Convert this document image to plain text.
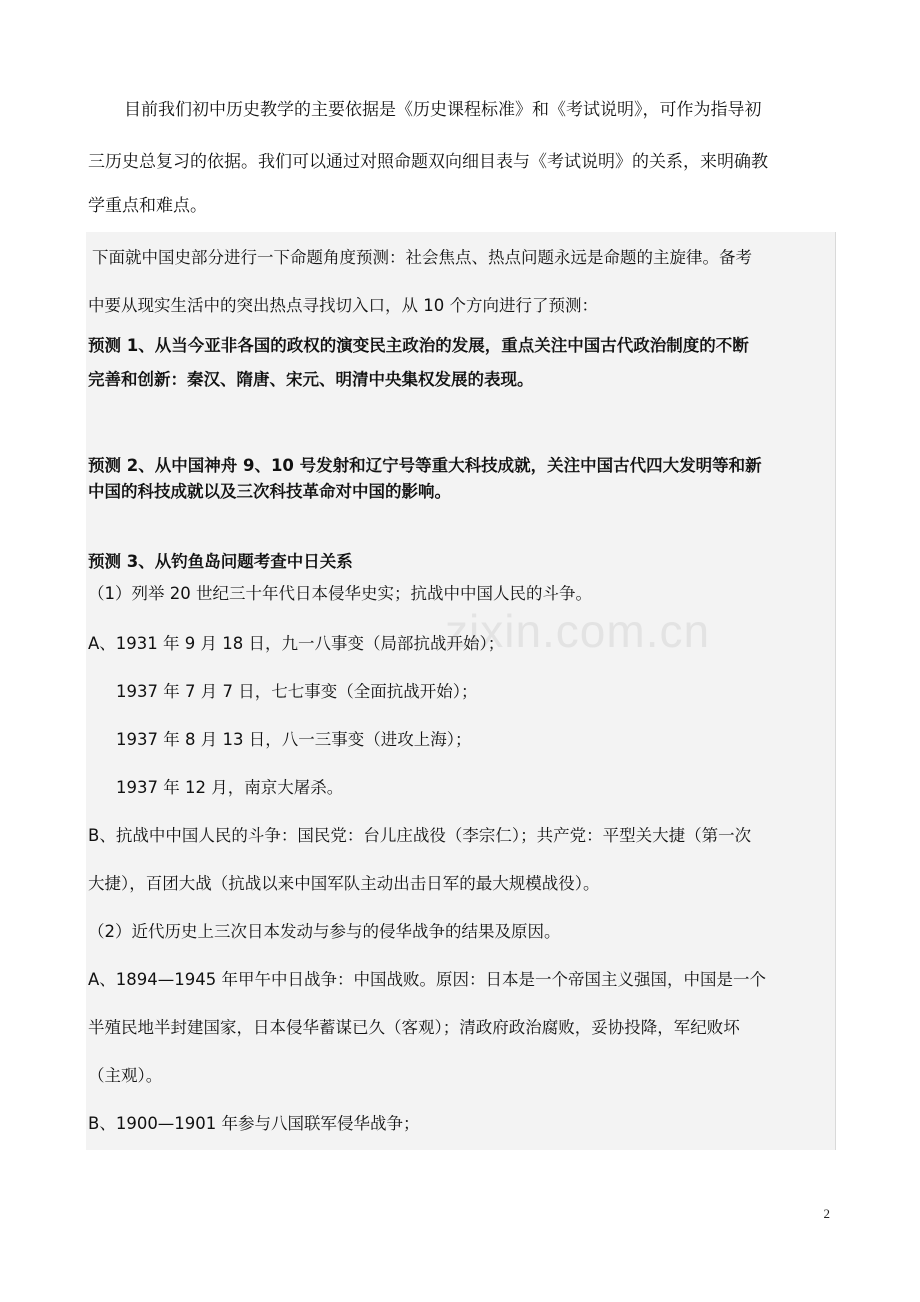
目前我们初中历史教学的主要依据是《历史课程标准》和《考试说明》，可作为指导初
三历史总复习的依据。我们可以通过对照命题双向细目表与《考试说明》的关系，来明确教
学重点和难点。
下面就中国史部分进行一下命题角度预测：社会焦点、热点问题永远是命题的主旋律。备考
中要从现实生活中的突出热点寻找切入口，从 10 个方向进行了预测：
预测 1、从当今亚非各国的政权的演变民主政治的发展，重点关注中国古代政治制度的不断
完善和创新：秦汉、隋唐、宋元、明清中央集权发展的表现。
预测 2、从中国神舟 9、10 号发射和辽宁号等重大科技成就，关注中国古代四大发明等和新
中国的科技成就以及三次科技革命对中国的影响。
预测 3、从钓鱼岛问题考查中日关系
（1）列举 20 世纪三十年代日本侵华史实；抗战中中国人民的斗争。
zixin.com.cn
A、1931 年 9 月 18 日，九一八事变（局部抗战开始）；
1937 年 7 月 7 日，七七事变（全面抗战开始）；
1937 年 8 月 13 日，八一三事变（进攻上海）；
1937 年 12 月，南京大屠杀。
B、抗战中中国人民的斗争：国民党：台儿庄战役（李宗仁）；共产党：平型关大捷（第一次
大捷），百团大战（抗战以来中国军队主动出击日军的最大规模战役）。
（2）近代历史上三次日本发动与参与的侵华战争的结果及原因。
A、1894—1945 年甲午中日战争：中国战败。原因：日本是一个帝国主义强国，中国是一个
半殖民地半封建国家，日本侵华蓄谋已久（客观）；清政府政治腐败，妥协投降，军纪败坏
（主观）。
B、1900—1901 年参与八国联军侵华战争；
2
